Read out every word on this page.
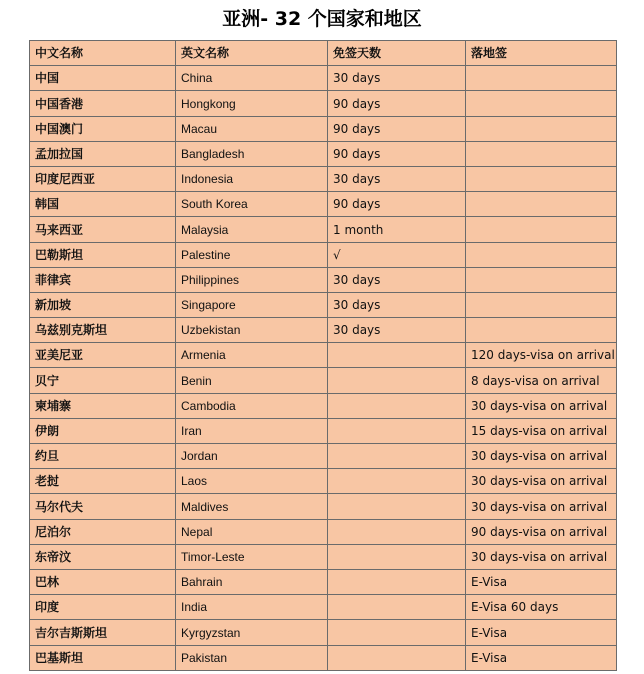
亚洲- 32 个国家和地区
中文名称	英文名称	免签天数	落地签
中国	China	30 days	
中国香港	Hongkong	90 days	
中国澳门	Macau	90 days	
孟加拉国	Bangladesh	90 days	
印度尼西亚	Indonesia	30 days	
韩国	South Korea	90 days	
马来西亚	Malaysia	1 month	
巴勒斯坦	Palestine	√	
菲律宾	Philippines	30 days	
新加坡	Singapore	30 days	
乌兹别克斯坦	Uzbekistan	30 days	
亚美尼亚	Armenia		120 days-visa on arrival
贝宁	Benin		8 days-visa on arrival
柬埔寨	Cambodia		30 days-visa on arrival
伊朗	Iran		15 days-visa on arrival
约旦	Jordan		30 days-visa on arrival
老挝	Laos		30 days-visa on arrival
马尔代夫	Maldives		30 days-visa on arrival
尼泊尔	Nepal		90 days-visa on arrival
东帝汶	Timor-Leste		30 days-visa on arrival
巴林	Bahrain		E-Visa
印度	India		E-Visa 60 days
吉尔吉斯斯坦	Kyrgyzstan		E-Visa
巴基斯坦	Pakistan		E-Visa
